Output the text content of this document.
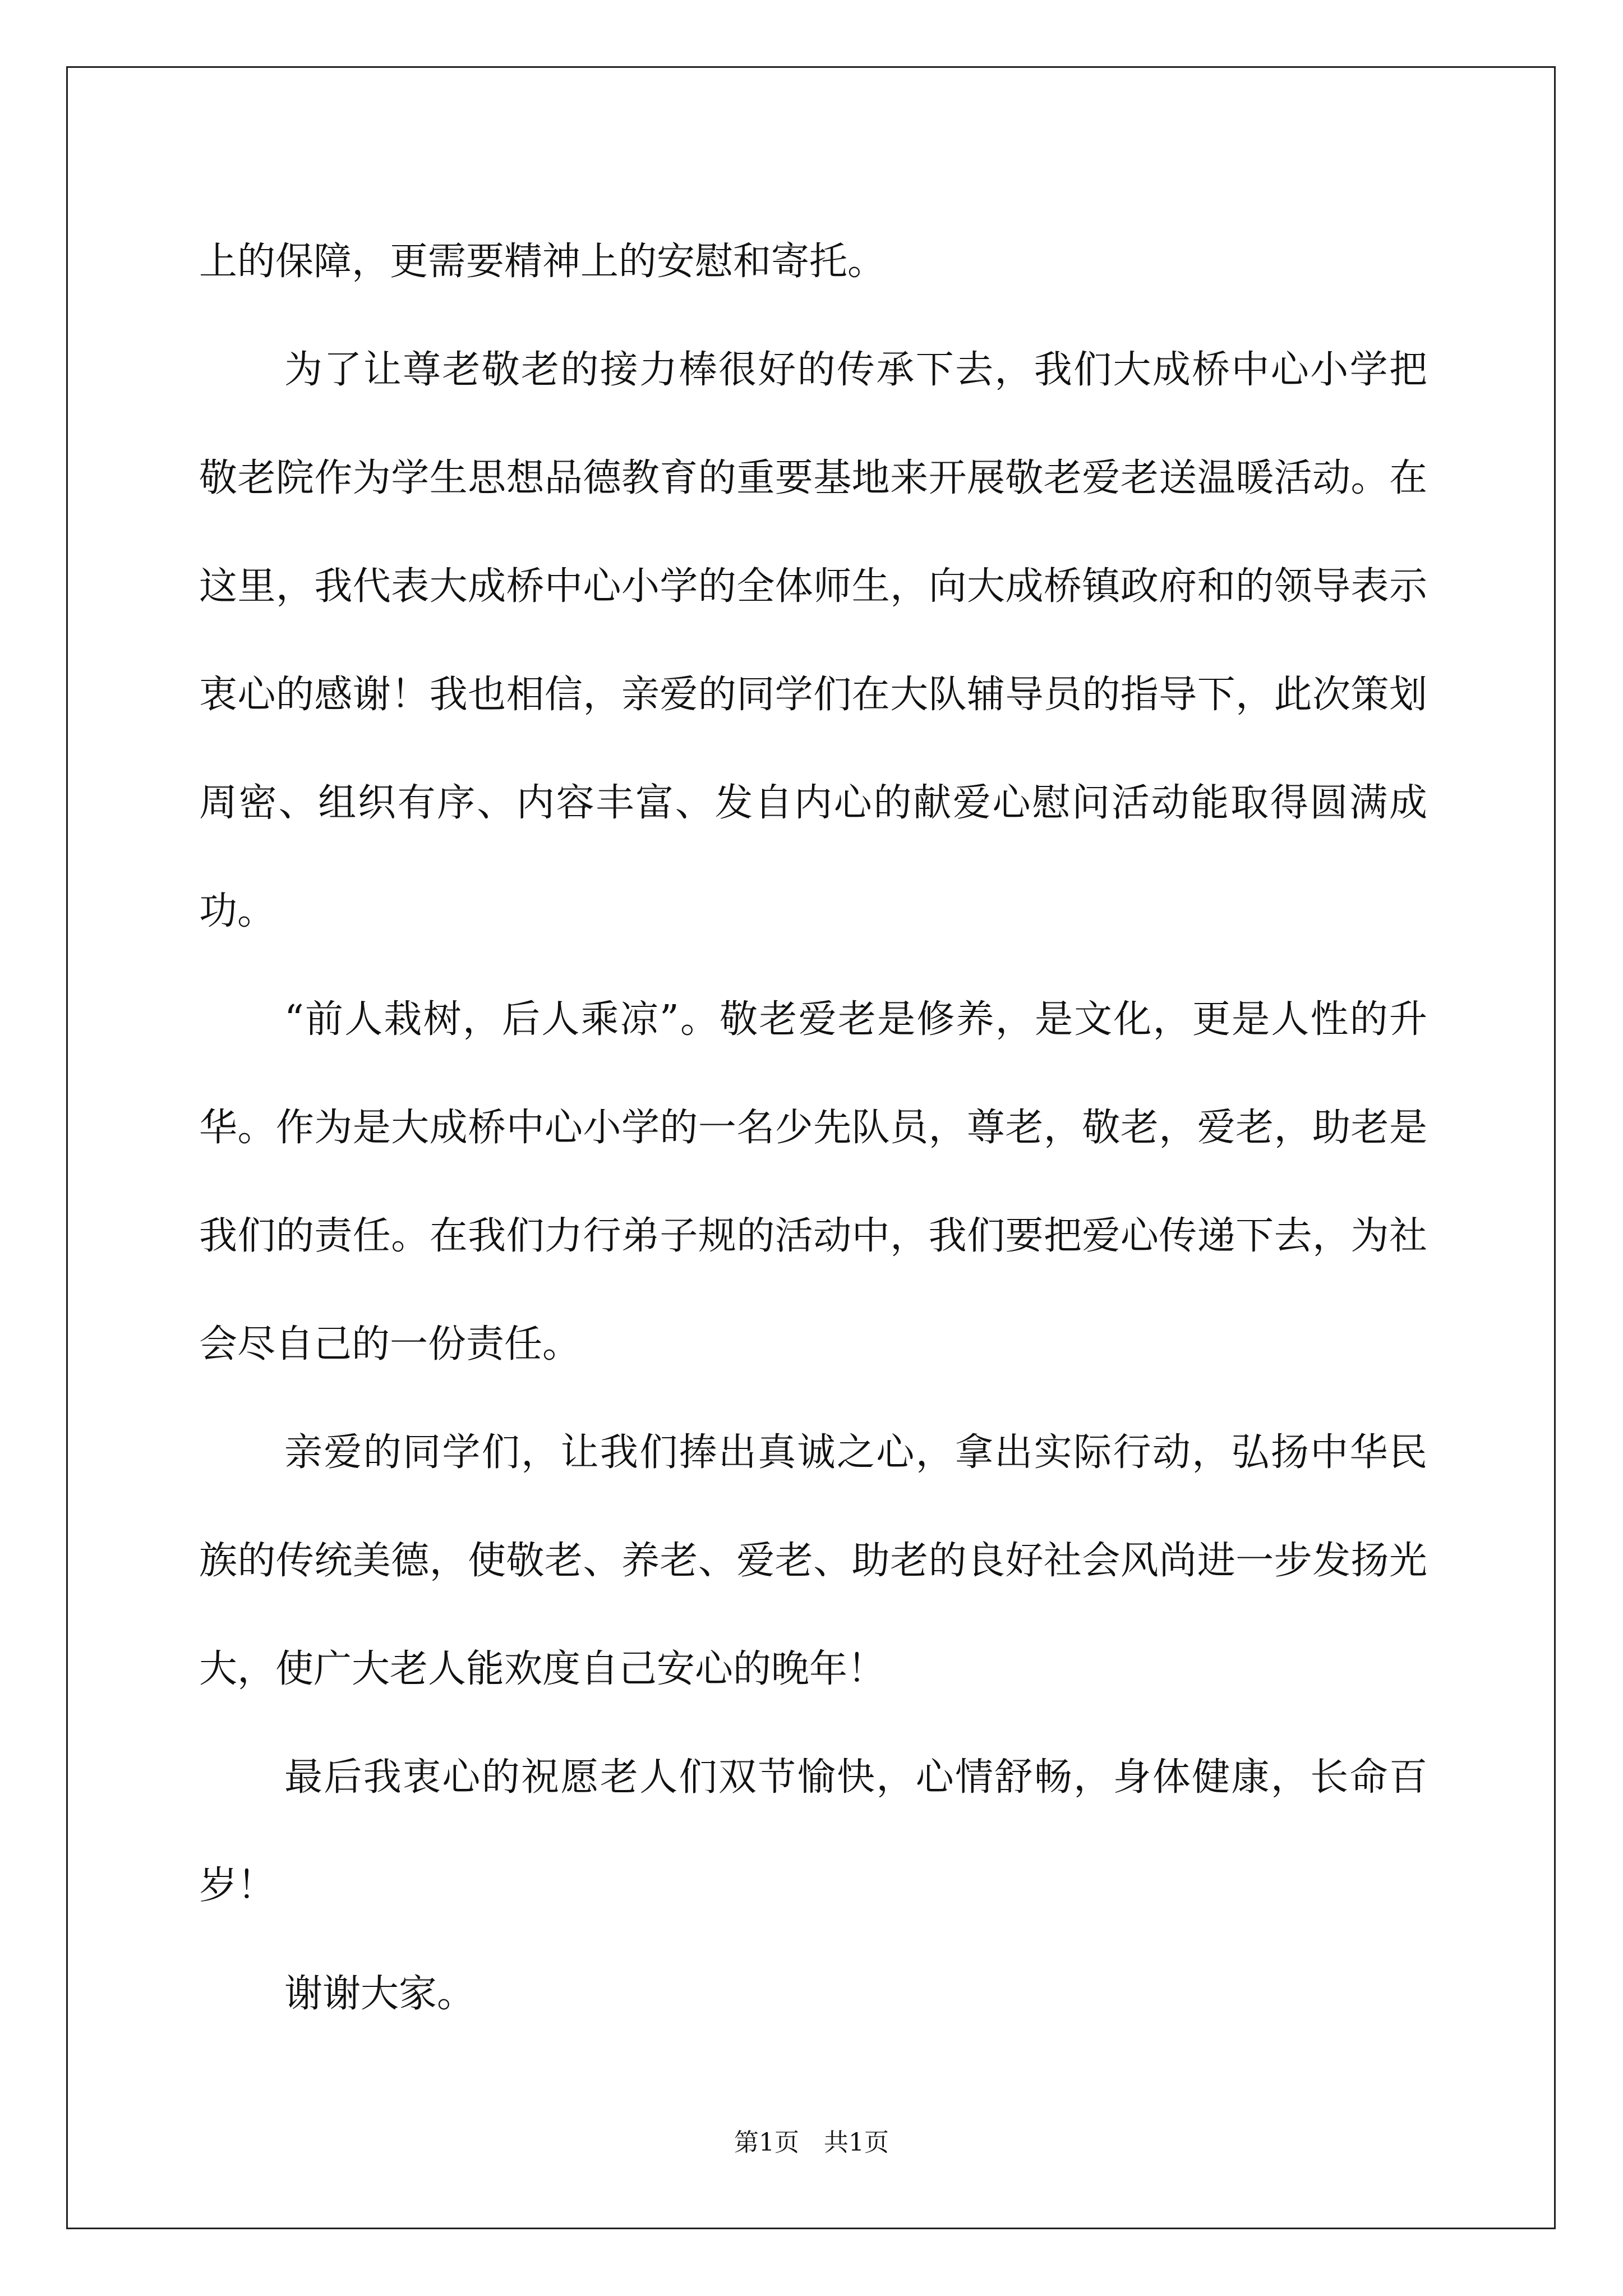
上的保障，更需要精神上的安慰和寄托。

为了让尊老敬老的接力棒很好的传承下去，我们大成桥中心小学把敬老院作为学生思想品德教育的重要基地来开展敬老爱老送温暖活动。在这里，我代表大成桥中心小学的全体师生，向大成桥镇政府和的领导表示衷心的感谢！我也相信，亲爱的同学们在大队辅导员的指导下，此次策划周密、组织有序、内容丰富、发自内心的献爱心慰问活动能取得圆满成功。

“前人栽树，后人乘凉”。敬老爱老是修养，是文化，更是人性的升华。作为是大成桥中心小学的一名少先队员，尊老，敬老，爱老，助老是我们的责任。在我们力行弟子规的活动中，我们要把爱心传递下去，为社会尽自己的一份责任。

亲爱的同学们，让我们捧出真诚之心，拿出实际行动，弘扬中华民族的传统美德，使敬老、养老、爱老、助老的良好社会风尚进一步发扬光大，使广大老人能欢度自己安心的晚年！

最后我衷心的祝愿老人们双节愉快，心情舒畅，身体健康，长命百岁！

谢谢大家。

第1页　共1页
